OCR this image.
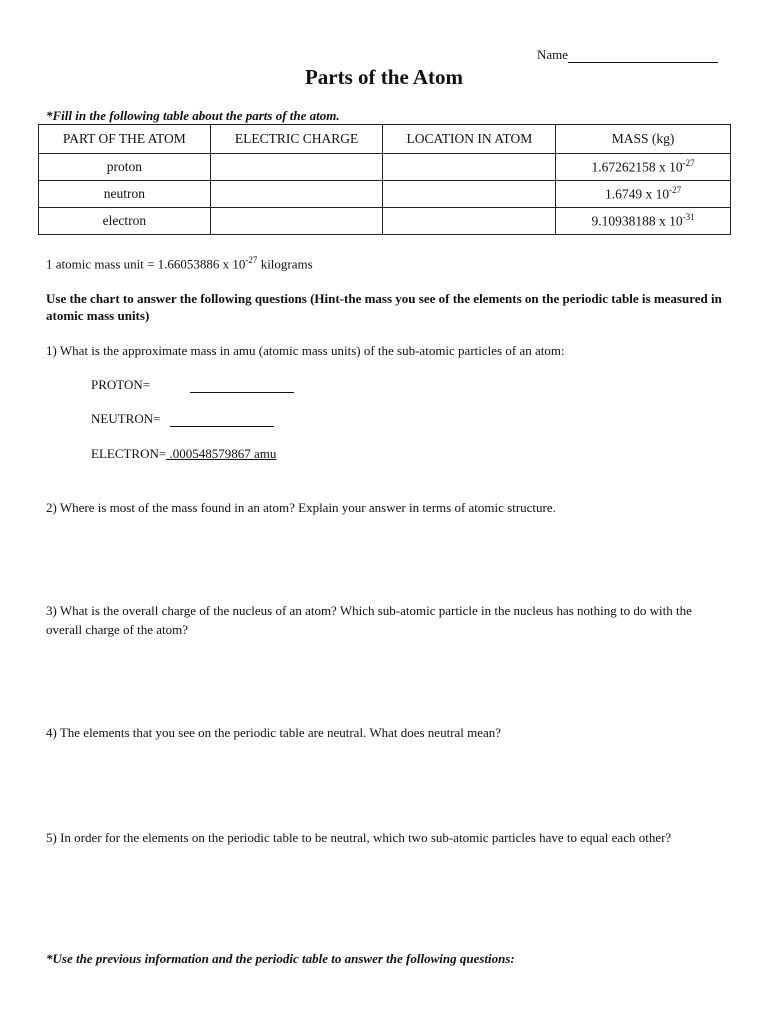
Name
Parts of the Atom
*Fill in the following table about the parts of the atom.
PART OF THE ATOM	ELECTRIC CHARGE	LOCATION IN ATOM	MASS (kg)
proton			1.67262158 x $10^{-27}$
neutron			1.6749 x $10^{-27}$
electron			9.10938188 x $10^{-31}$
1 atomic mass unit = 1.66053886 x $10^{-27}$ kilograms
Use the chart to answer the following questions (Hint-the mass you see of the elements on the periodic table is measured in atomic mass units)
1) What is the approximate mass in amu (atomic mass units) of the sub-atomic particles of an atom:
PROTON=
NEUTRON=
ELECTRON= .000548579867 amu
2) Where is most of the mass found in an atom? Explain your answer in terms of atomic structure.
3) What is the overall charge of the nucleus of an atom? Which sub-atomic particle in the nucleus has nothing to do with the overall charge of the atom?
4) The elements that you see on the periodic table are neutral. What does neutral mean?
5) In order for the elements on the periodic table to be neutral, which two sub-atomic particles have to equal each other?
*Use the previous information and the periodic table to answer the following questions:
